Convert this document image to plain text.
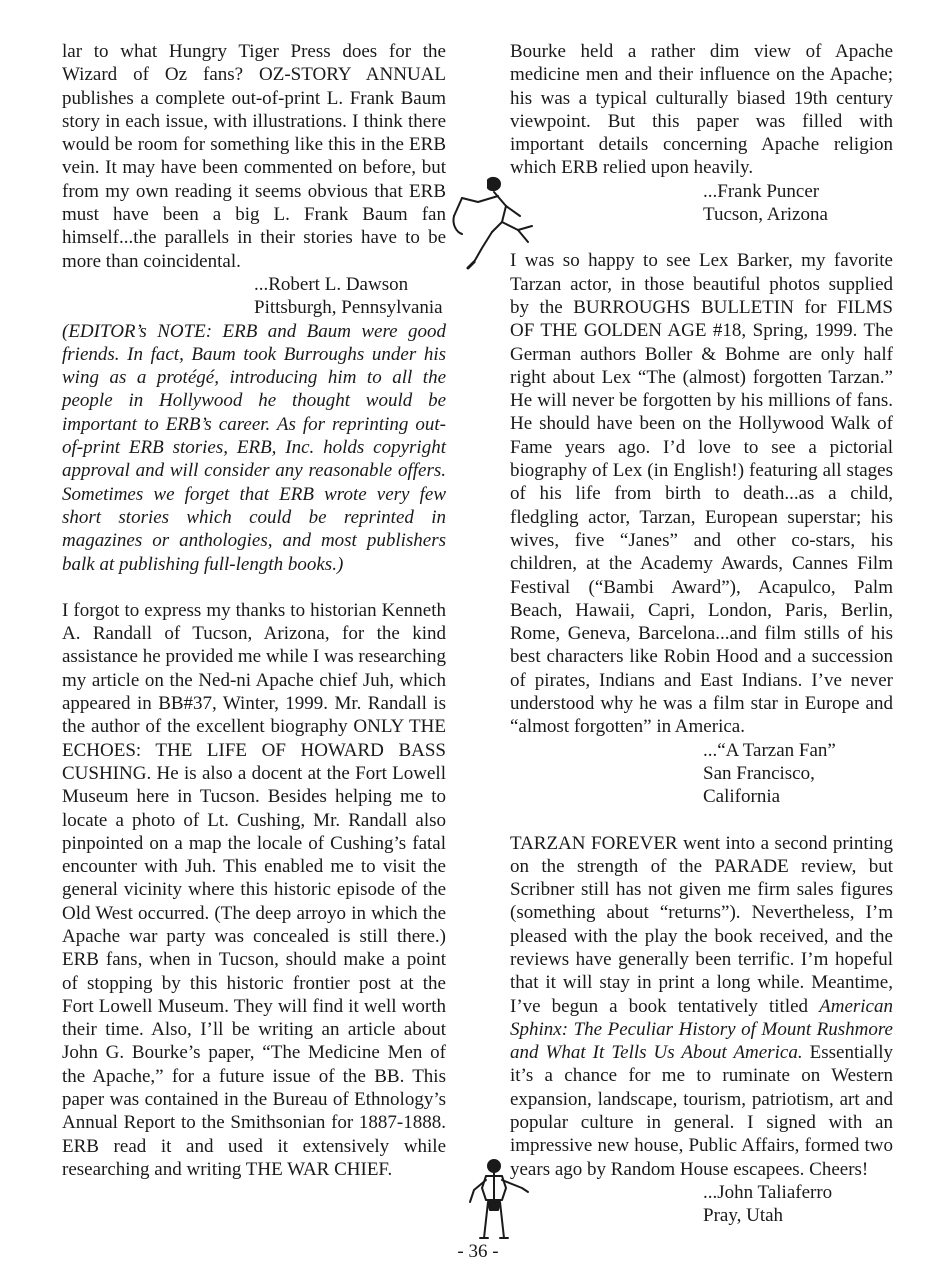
lar to what Hungry Tiger Press does for the Wizard of Oz fans? OZ-STORY ANNUAL publishes a complete out-of-print L. Frank Baum story in each issue, with illustrations. I think there would be room for something like this in the ERB vein. It may have been commented on before, but from my own reading it seems obvious that ERB must have been a big L. Frank Baum fan himself...the parallels in their stories have to be more than coincidental.

...Robert L. Dawson

Pittsburgh, Pennsylvania

(EDITOR’s NOTE: ERB and Baum were good friends. In fact, Baum took Burroughs under his wing as a protégé, introducing him to all the people in Hollywood he thought would be important to ERB’s career. As for reprinting out-of-print ERB stories, ERB, Inc. holds copyright approval and will consider any reasonable offers. Sometimes we forget that ERB wrote very few short stories which could be reprinted in magazines or anthologies, and most publishers balk at publishing full-length books.)

I forgot to express my thanks to historian Kenneth A. Randall of Tucson, Arizona, for the kind assistance he provided me while I was researching my article on the Ned-ni Apache chief Juh, which appeared in BB#37, Winter, 1999. Mr. Randall is the author of the excellent biography ONLY THE ECHOES: THE LIFE OF HOWARD BASS CUSHING. He is also a docent at the Fort Lowell Museum here in Tucson. Besides helping me to locate a photo of Lt. Cushing, Mr. Randall also pinpointed on a map the locale of Cushing’s fatal encounter with Juh. This enabled me to visit the general vicinity where this historic episode of the Old West occurred. (The deep arroyo in which the Apache war party was concealed is still there.) ERB fans, when in Tucson, should make a point of stopping by this historic frontier post at the Fort Lowell Museum. They will find it well worth their time. Also, I’ll be writing an article about John G. Bourke’s paper, “The Medicine Men of the Apache,” for a future issue of the BB. This paper was contained in the Bureau of Ethnology’s Annual Report to the Smithsonian for 1887-1888. ERB read it and used it extensively while researching and writing THE WAR CHIEF.

Bourke held a rather dim view of Apache medicine men and their influence on the Apache; his was a typical culturally biased 19th century viewpoint. But this paper was filled with important details concerning Apache religion which ERB relied upon heavily.

...Frank Puncer

Tucson, Arizona

I was so happy to see Lex Barker, my favorite Tarzan actor, in those beautiful photos supplied by the BURROUGHS BULLETIN for FILMS OF THE GOLDEN AGE #18, Spring, 1999. The German authors Boller & Bohme are only half right about Lex “The (almost) forgotten Tarzan.” He will never be forgotten by his millions of fans. He should have been on the Hollywood Walk of Fame years ago. I’d love to see a pictorial biography of Lex (in English!) featuring all stages of his life from birth to death...as a child, fledgling actor, Tarzan, European superstar; his wives, five “Janes” and other co-stars, his children, at the Academy Awards, Cannes Film Festival (“Bambi Award”), Acapulco, Palm Beach, Hawaii, Capri, London, Paris, Berlin, Rome, Geneva, Barcelona...and film stills of his best characters like Robin Hood and a succession of pirates, Indians and East Indians. I’ve never understood why he was a film star in Europe and “almost forgotten” in America.

...“A Tarzan Fan”

San Francisco, California

TARZAN FOREVER went into a second printing on the strength of the PARADE review, but Scribner still has not given me firm sales figures (something about “returns”). Nevertheless, I’m pleased with the play the book received, and the reviews have generally been terrific. I’m hopeful that it will stay in print a long while. Meantime, I’ve begun a book tentatively titled American Sphinx: The Peculiar History of Mount Rushmore and What It Tells Us About America. Essentially it’s a chance for me to ruminate on Western expansion, landscape, tourism, patriotism, art and popular culture in general. I signed with an impressive new house, Public Affairs, formed two years ago by Random House escapees. Cheers!

...John Taliaferro

Pray, Utah

- 36 -
